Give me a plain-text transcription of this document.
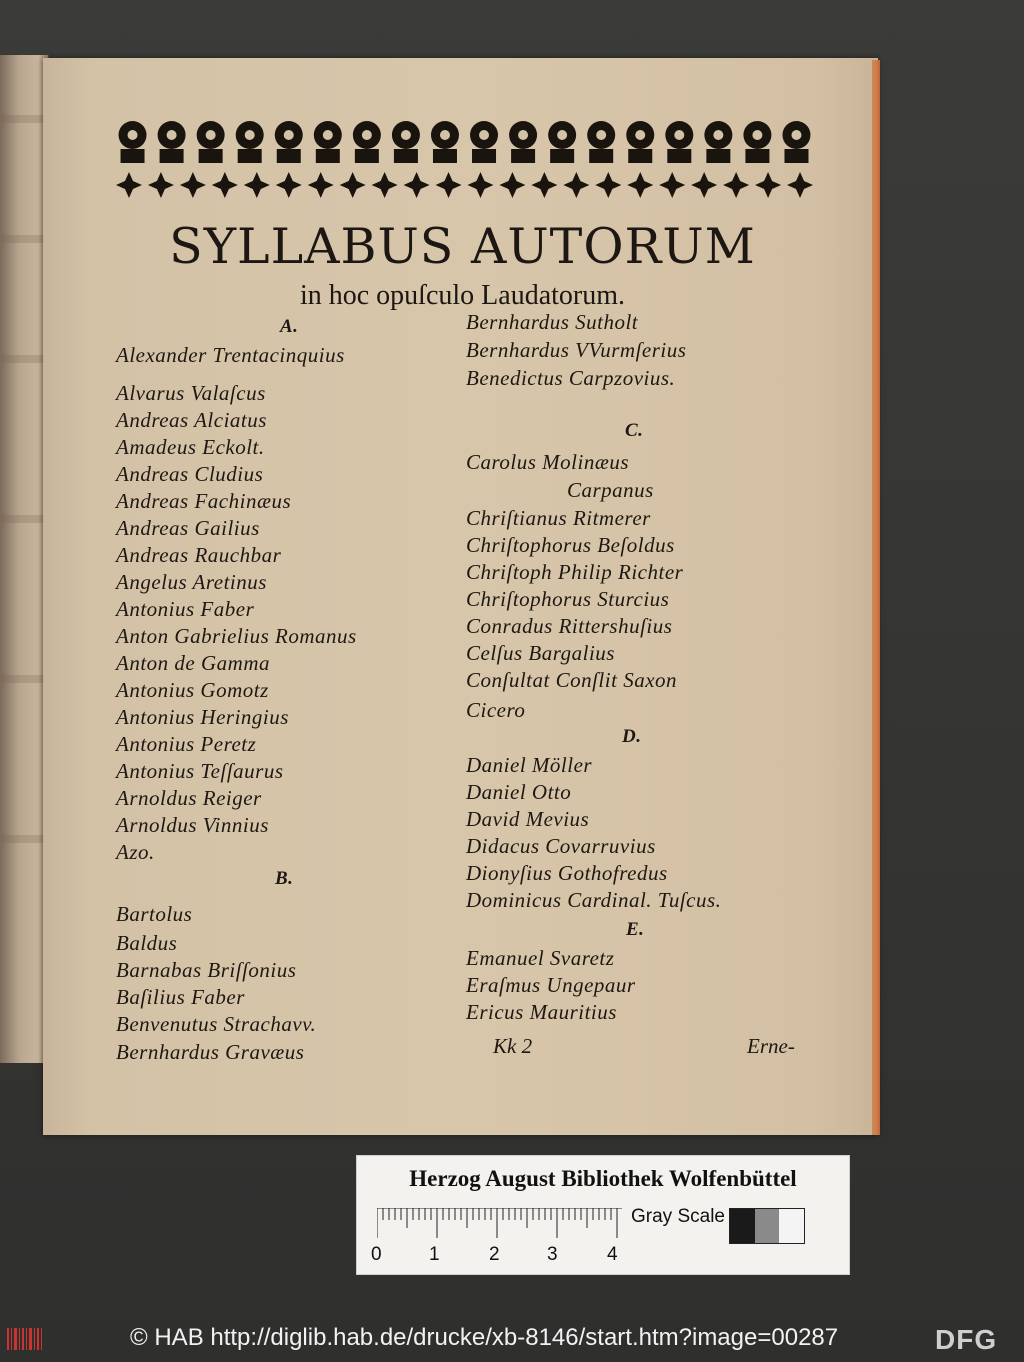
SYLLABUS AUTORUM
in hoc opuſculo Laudatorum.
A.
Alexander Trentacinquius
Alvarus Valaſcus
Andreas Alciatus
Amadeus Eckolt.
Andreas Cludius
Andreas Fachinæus
Andreas Gailius
Andreas Rauchbar
Angelus Aretinus
Antonius Faber
Anton Gabrielius Romanus
Anton de Gamma
Antonius Gomotz
Antonius Heringius
Antonius Peretz
Antonius Teſſaurus
Arnoldus Reiger
Arnoldus Vinnius
Azo.
B.
Bartolus
Baldus
Barnabas Briſſonius
Baſilius Faber
Benvenutus Strachavv.
Bernhardus Gravæus
Bernhardus Sutholt
Bernhardus VVurmſerius
Benedictus Carpzovius.
C.
Carolus Molinæus
Carpanus
Chriſtianus Ritmerer
Chriſtophorus Beſoldus
Chriſtoph Philip Richter
Chriſtophorus Sturcius
Conradus Rittershuſius
Celſus Bargalius
Conſultat Conſlit Saxon
Cicero
D.
Daniel Möller
Daniel Otto
David Mevius
Didacus Covarruvius
Dionyſius Gothofredus
Dominicus Cardinal. Tuſcus.
E.
Emanuel Svaretz
Eraſmus Ungepaur
Ericus Mauritius
Kk 2	Erne-
Herzog August Bibliothek Wolfenbüttel
0 1	2 3	4
Gray Scale
© HAB http://diglib.hab.de/drucke/xb-8146/start.htm?image=00287	DFG
